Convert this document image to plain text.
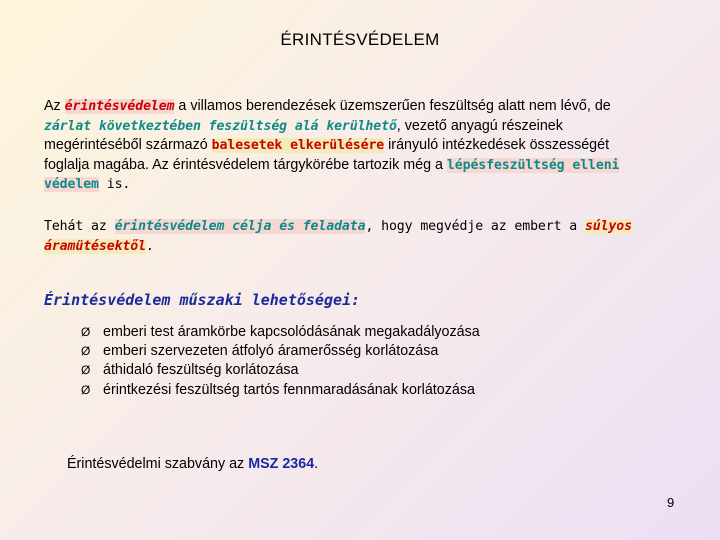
ÉRINTÉSVÉDELEM
Az érintésvédelem a villamos berendezések üzemszerűen feszültség alatt nem lévő, de zárlat következtében feszültség alá kerülhető, vezető anyagú részeinek megérintéséből származó balesetek elkerülésére irányuló intézkedések összességét foglalja magába. Az érintésvédelem tárgykörébe tartozik még a lépésfeszültség elleni védelem is.
Tehát az érintésvédelem célja és feladata, hogy megvédje az embert a súlyos áramütésektől.
Érintésvédelem műszaki lehetőségei:
Ø emberi test áramkörbe kapcsolódásának megakadályozása
Ø emberi szervezeten átfolyó áramerősség korlátozása
Ø áthidaló feszültség korlátozása
Ø érintkezési feszültség tartós fennmaradásának korlátozása
Érintésvédelmi szabvány az MSZ 2364.
9
